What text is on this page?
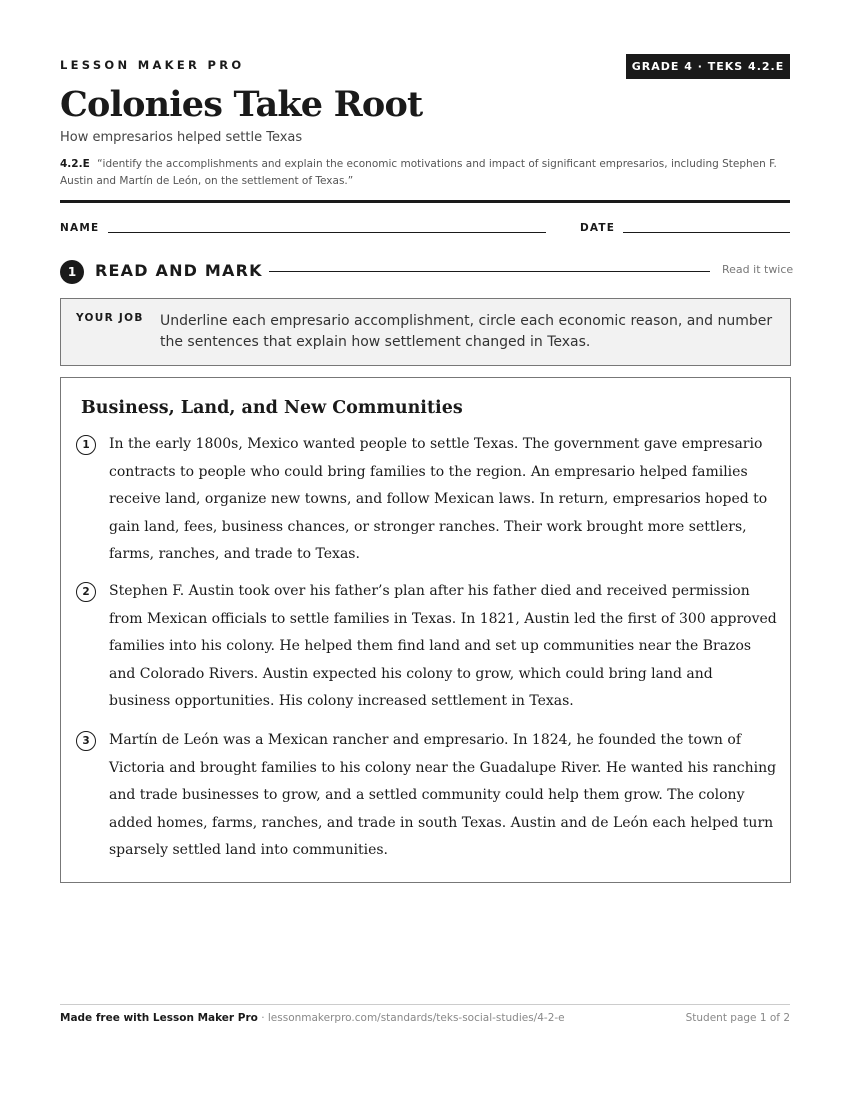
LESSON MAKER PRO	GRADE 4 · TEKS 4.2.E
Colonies Take Root
How empresarios helped settle Texas
4.2.E “identify the accomplishments and explain the economic motivations and impact of significant empresarios, including Stephen F. Austin and Martín de León, on the settlement of Texas.”
NAME	DATE
1	READ AND MARK	Read it twice
YOUR JOB Underline each empresario accomplishment, circle each economic reason, and number the sentences that explain how settlement changed in Texas.
Business, Land, and New Communities
1	In the early 1800s, Mexico wanted people to settle Texas. The government gave empresario contracts to people who could bring families to the region. An empresario helped families receive land, organize new towns, and follow Mexican laws. In return, empresarios hoped to gain land, fees, business chances, or stronger ranches. Their work brought more settlers, farms, ranches, and trade to Texas.
2	Stephen F. Austin took over his father’s plan after his father died and received permission from Mexican officials to settle families in Texas. In 1821, Austin led the first of 300 approved families into his colony. He helped them find land and set up communities near the Brazos and Colorado Rivers. Austin expected his colony to grow, which could bring land and business opportunities. His colony increased settlement in Texas.
3	Martín de León was a Mexican rancher and empresario. In 1824, he founded the town of Victoria and brought families to his colony near the Guadalupe River. He wanted his ranching and trade businesses to grow, and a settled community could help them grow. The colony added homes, farms, ranches, and trade in south Texas. Austin and de León each helped turn sparsely settled land into communities.
Made free with Lesson Maker Pro · lessonmakerpro.com/standards/teks-social-studies/4-2-e	Student page 1 of 2
